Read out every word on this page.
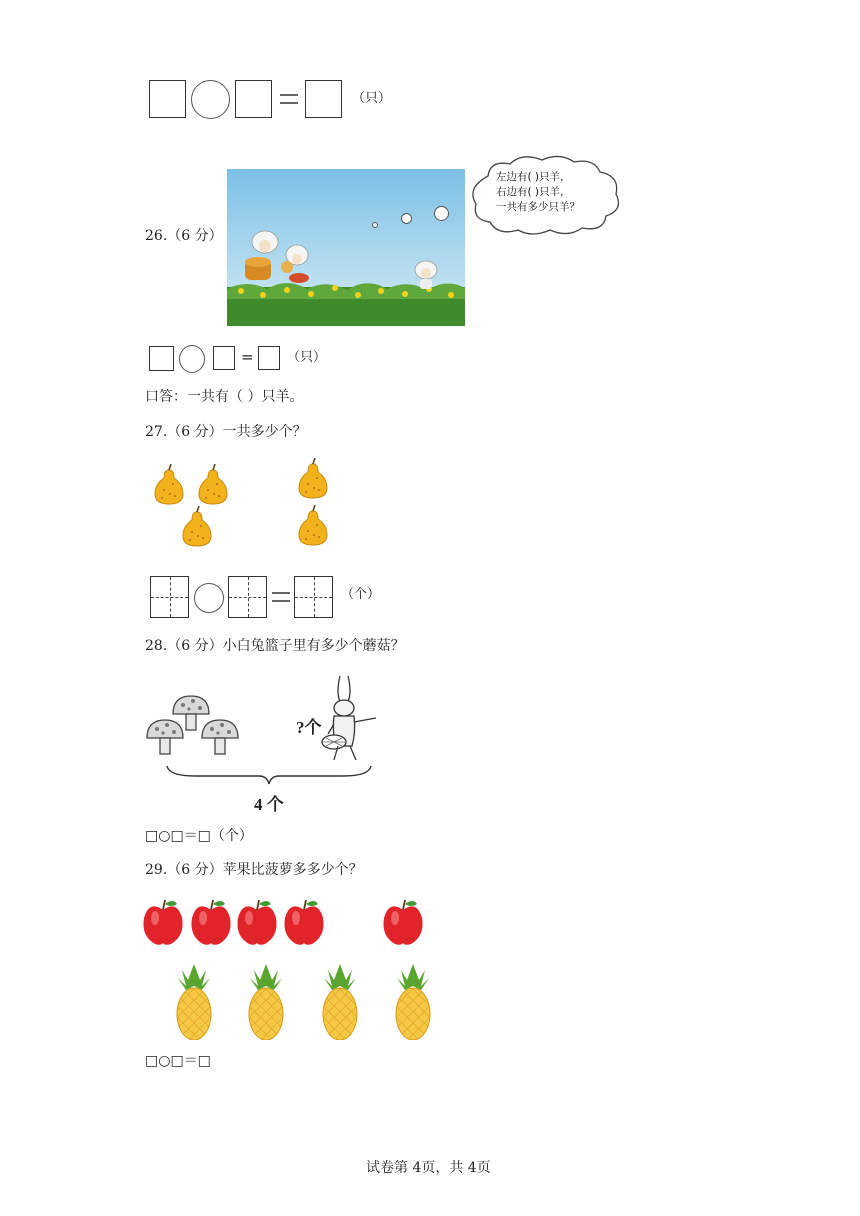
（只）
26.（6 分）
左边有( )只羊，
右边有( )只羊，
一共有多少只羊？
=	（只）
口答：一共有（ ）只羊。
27.（6 分）一共多少个？
（个）
28.（6 分）小白兔篮子里有多少个蘑菇？
?个
4 个
□○□＝□（个）
29.（6 分）苹果比菠萝多多少个？
□○□＝□
试卷第 4页，共 4页
